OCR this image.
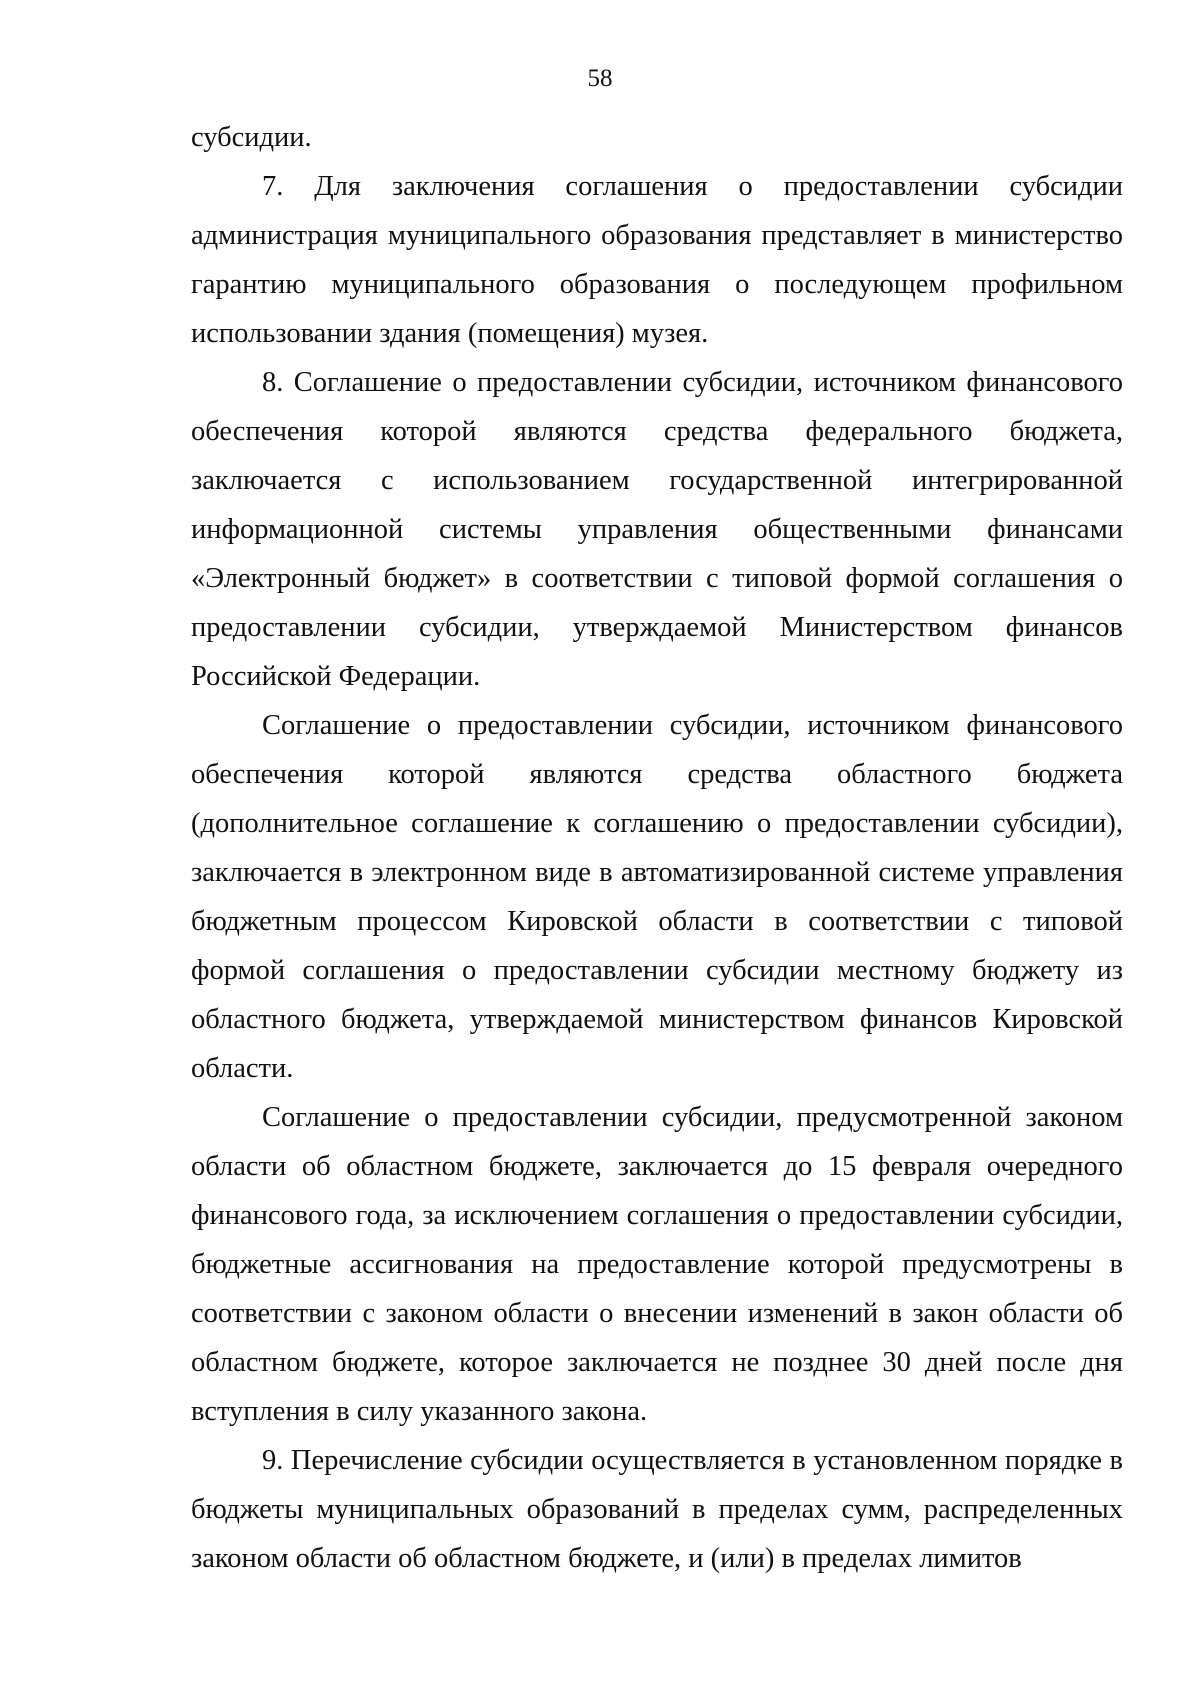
58

субсидии.

7. Для заключения соглашения о предоставлении субсидии администрация муниципального образования представляет в министерство гарантию муниципального образования о последующем профильном использовании здания (помещения) музея.

8. Соглашение о предоставлении субсидии, источником финансового обеспечения которой являются средства федерального бюджета, заключается с использованием государственной интегрированной информационной системы управления общественными финансами «Электронный бюджет» в соответствии с типовой формой соглашения о предоставлении субсидии, утверждаемой Министерством финансов Российской Федерации.

Соглашение о предоставлении субсидии, источником финансового обеспечения которой являются средства областного бюджета (дополнительное соглашение к соглашению о предоставлении субсидии), заключается в электронном виде в автоматизированной системе управления бюджетным процессом Кировской области в соответствии с типовой формой соглашения о предоставлении субсидии местному бюджету из областного бюджета, утверждаемой министерством финансов Кировской области.

Соглашение о предоставлении субсидии, предусмотренной законом области об областном бюджете, заключается до 15 февраля очередного финансового года, за исключением соглашения о предоставлении субсидии, бюджетные ассигнования на предоставление которой предусмотрены в соответствии с законом области о внесении изменений в закон области об областном бюджете, которое заключается не позднее 30 дней после дня вступления в силу указанного закона.

9. Перечисление субсидии осуществляется в установленном порядке в бюджеты муниципальных образований в пределах сумм, распределенных законом области об областном бюджете, и (или) в пределах лимитов
